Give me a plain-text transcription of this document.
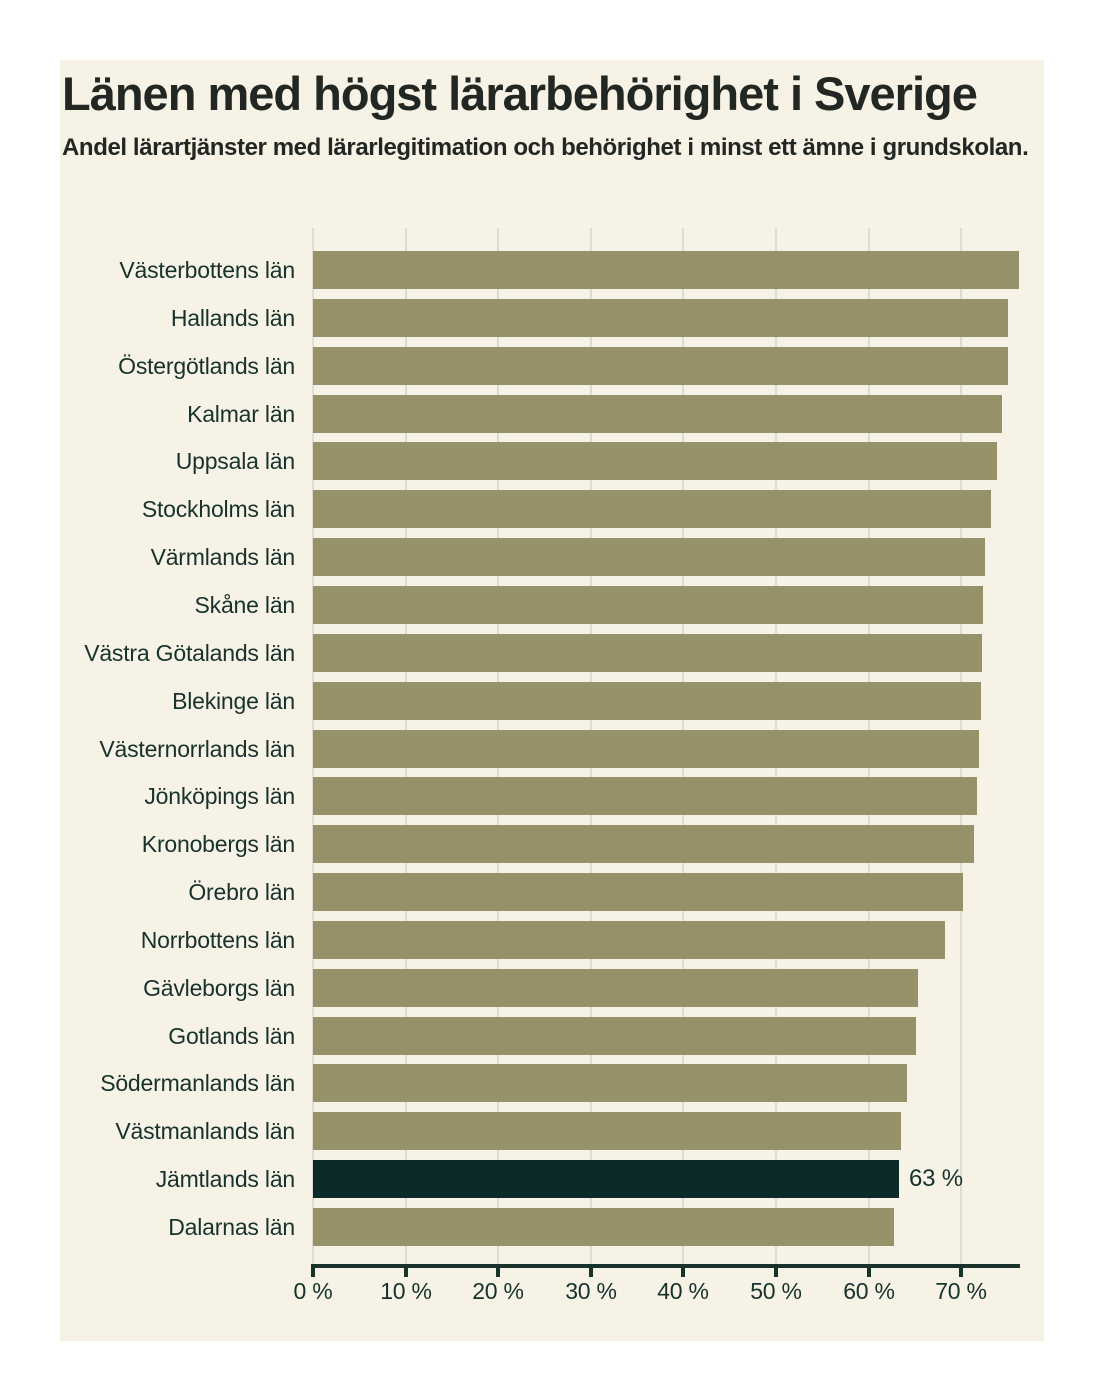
Länen med högst lärarbehörighet i Sverige

Andel lärartjänster med lärarlegitimation och behörighet i minst ett ämne i grundskolan.

Västerbottens län
Hallands län
Östergötlands län
Kalmar län
Uppsala län
Stockholms län
Värmlands län
Skåne län
Västra Götalands län
Blekinge län
Västernorrlands län
Jönköpings län
Kronobergs län
Örebro län
Norrbottens län
Gävleborgs län
Gotlands län
Södermanlands län
Västmanlands län
Jämtlands län
Dalarnas län
63 %
0 % 10 % 20 % 30 % 40 % 50 % 60 % 70 %
